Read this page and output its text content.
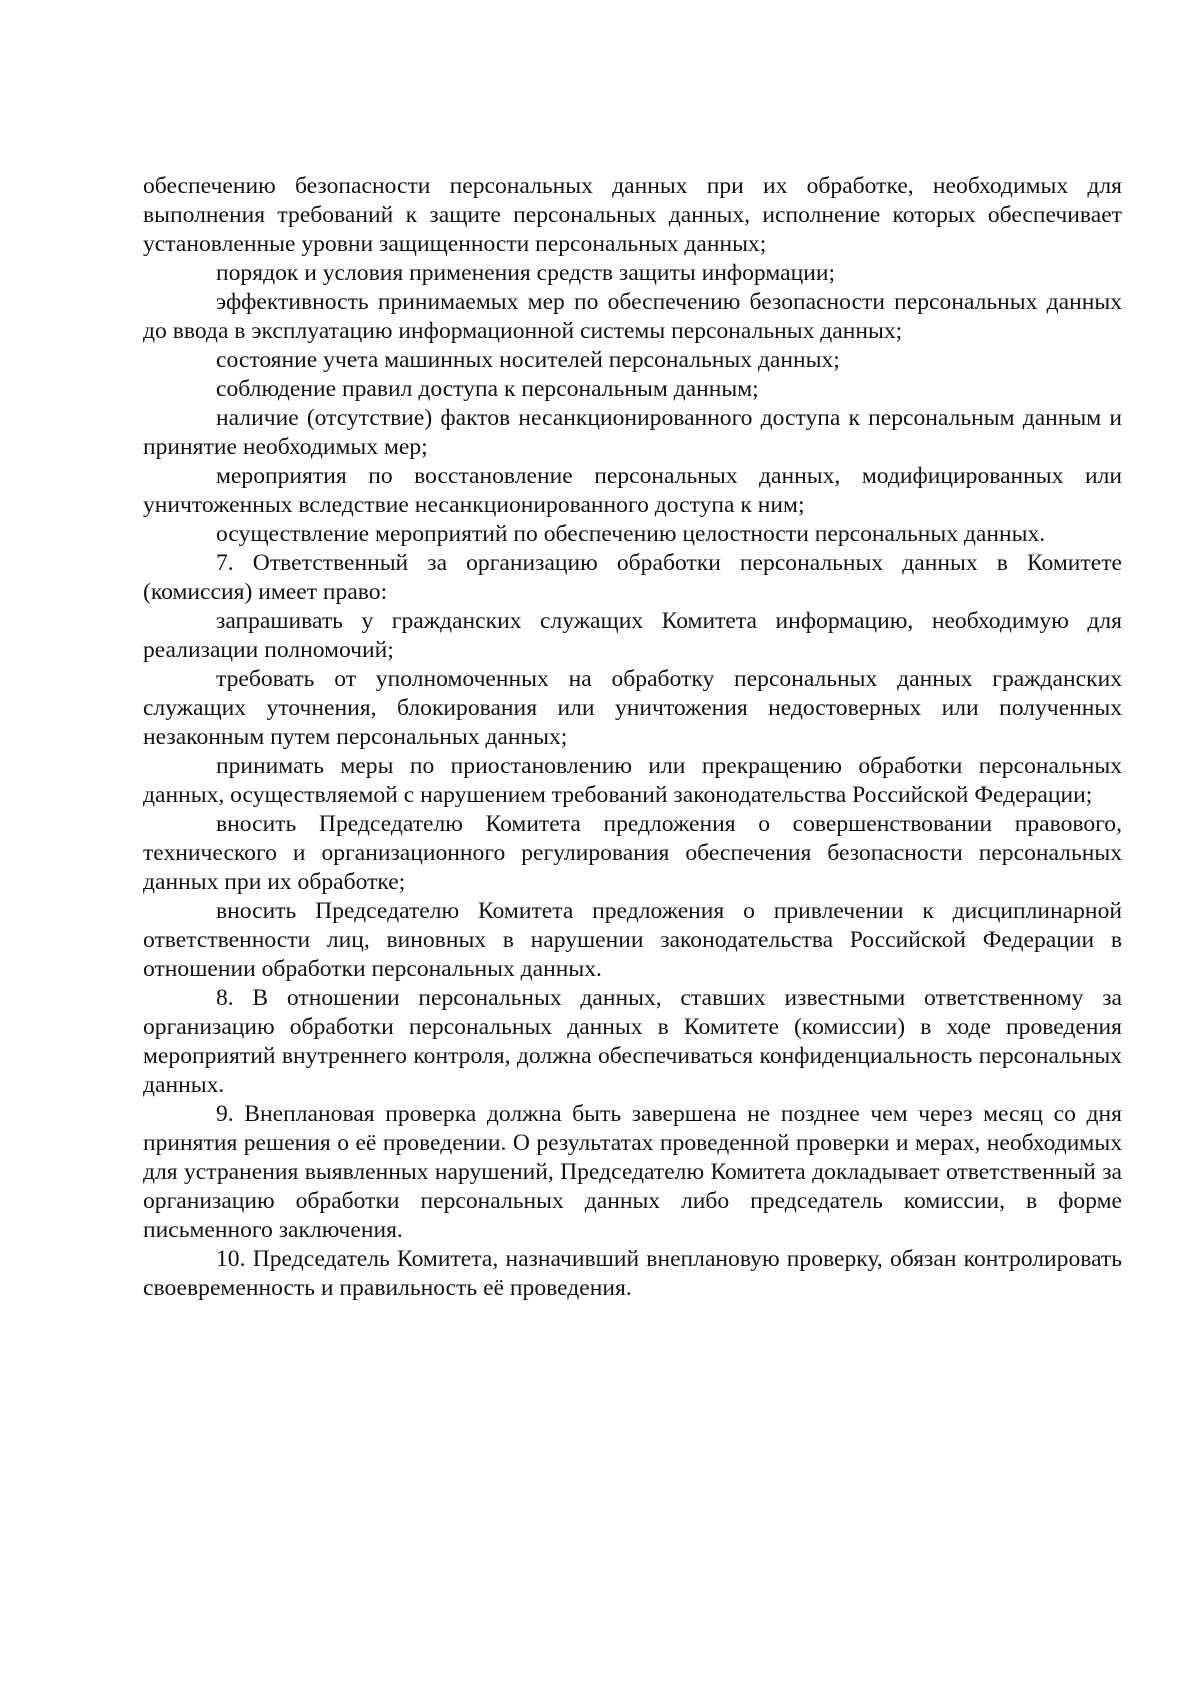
обеспечению безопасности персональных данных при их обработке, необходимых для выполнения требований к защите персональных данных, исполнение которых обеспечивает установленные уровни защищенности персональных данных;

порядок и условия применения средств защиты информации;

эффективность принимаемых мер по обеспечению безопасности персональных данных до ввода в эксплуатацию информационной системы персональных данных;

состояние учета машинных носителей персональных данных;

соблюдение правил доступа к персональным данным;

наличие (отсутствие) фактов несанкционированного доступа к персональным данным и принятие необходимых мер;

мероприятия по восстановление персональных данных, модифицированных или уничтоженных вследствие несанкционированного доступа к ним;

осуществление мероприятий по обеспечению целостности персональных данных.

7. Ответственный за организацию обработки персональных данных в Комитете (комиссия) имеет право:

запрашивать у гражданских служащих Комитета информацию, необходимую для реализации полномочий;

требовать от уполномоченных на обработку персональных данных гражданских служащих уточнения, блокирования или уничтожения недостоверных или полученных незаконным путем персональных данных;

принимать меры по приостановлению или прекращению обработки персональных данных, осуществляемой с нарушением требований законодательства Российской Федерации;

вносить Председателю Комитета предложения о совершенствовании правового, технического и организационного регулирования обеспечения безопасности персональных данных при их обработке;

вносить Председателю Комитета предложения о привлечении к дисциплинарной ответственности лиц, виновных в нарушении законодательства Российской Федерации в отношении обработки персональных данных.

8. В отношении персональных данных, ставших известными ответственному за организацию обработки персональных данных в Комитете (комиссии) в ходе проведения мероприятий внутреннего контроля, должна обеспечиваться конфиденциальность персональных данных.

9. Внеплановая проверка должна быть завершена не позднее чем через месяц со дня принятия решения о её проведении. О результатах проведенной проверки и мерах, необходимых для устранения выявленных нарушений, Председателю Комитета докладывает ответственный за организацию обработки персональных данных либо председатель комиссии, в форме письменного заключения.

10. Председатель Комитета, назначивший внеплановую проверку, обязан контролировать своевременность и правильность её проведения.
